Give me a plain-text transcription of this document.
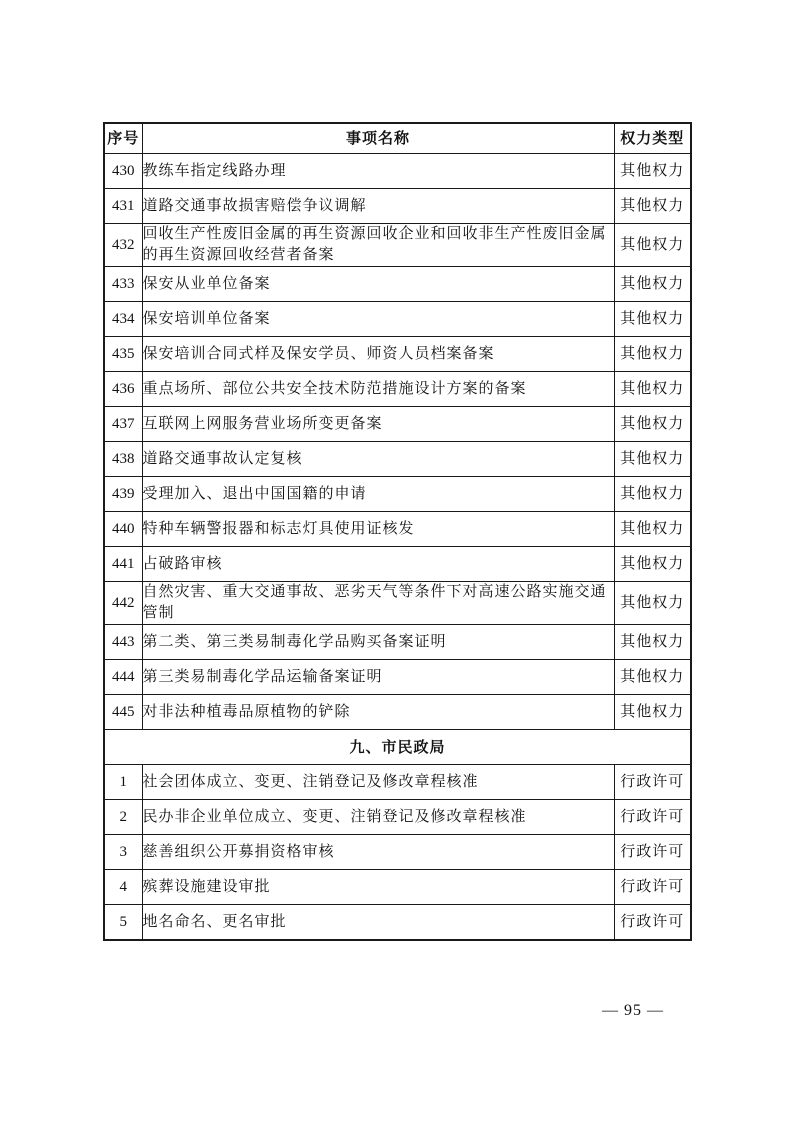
序号	事项名称	权力类型
430	教练车指定线路办理	其他权力
431	道路交通事故损害赔偿争议调解	其他权力
432	回收生产性废旧金属的再生资源回收企业和回收非生产性废旧金属的再生资源回收经营者备案	其他权力
433	保安从业单位备案	其他权力
434	保安培训单位备案	其他权力
435	保安培训合同式样及保安学员、师资人员档案备案	其他权力
436	重点场所、部位公共安全技术防范措施设计方案的备案	其他权力
437	互联网上网服务营业场所变更备案	其他权力
438	道路交通事故认定复核	其他权力
439	受理加入、退出中国国籍的申请	其他权力
440	特种车辆警报器和标志灯具使用证核发	其他权力
441	占破路审核	其他权力
442	自然灾害、重大交通事故、恶劣天气等条件下对高速公路实施交通管制	其他权力
443	第二类、第三类易制毒化学品购买备案证明	其他权力
444	第三类易制毒化学品运输备案证明	其他权力
445	对非法种植毒品原植物的铲除	其他权力
九、市民政局		
1	社会团体成立、变更、注销登记及修改章程核准	行政许可
2	民办非企业单位成立、变更、注销登记及修改章程核准	行政许可
3	慈善组织公开募捐资格审核	行政许可
4	殡葬设施建设审批	行政许可
5	地名命名、更名审批	行政许可
— 95 —
